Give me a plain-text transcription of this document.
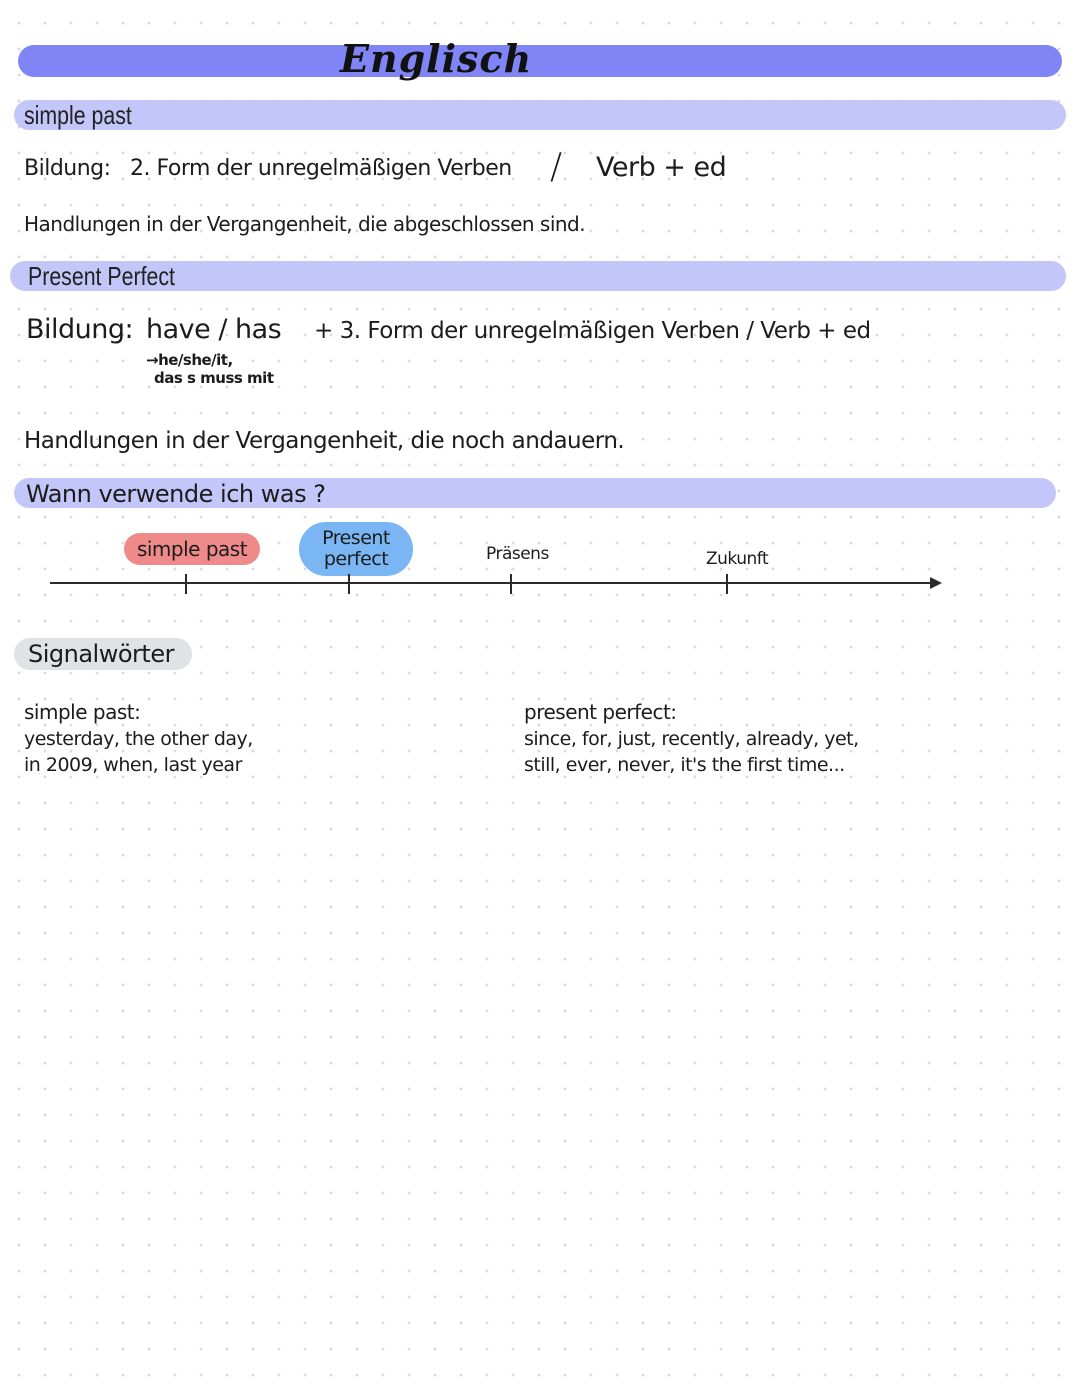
Englisch
simple past
Bildung: 2. Form der unregelmäßigen Verben / Verb + ed
Handlungen in der Vergangenheit, die abgeschlossen sind.
Present Perfect
Bildung: have / has + 3. Form der unregelmäßigen Verben / Verb + ed
→he/she/it,
das s muss mit
Handlungen in der Vergangenheit, die noch andauern.
Wann verwende ich was ?
simple past	Present
perfect	Präsens	Zukunft
Signalwörter
simple past:
yesterday, the other day,
in 2009, when, last year
present perfect:
since, for, just, recently, already, yet,
still, ever, never, it's the first time...
